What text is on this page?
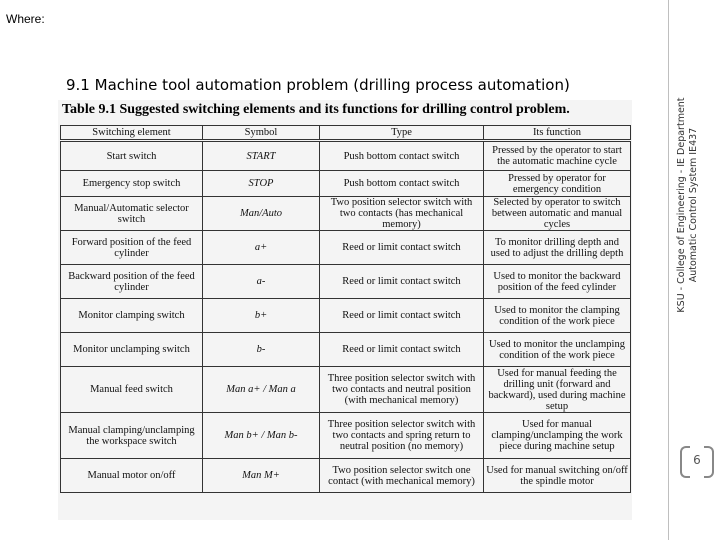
Where:
9.1 Machine tool automation problem (drilling process automation)
Table 9.1 Suggested switching elements and its functions for drilling control problem.
Switching element	Symbol	Type	Its function
Start switch	START	Push bottom contact switch	Pressed by the operator to start the automatic machine cycle
Emergency stop switch	STOP	Push bottom contact switch	Pressed by operator for emergency condition
Manual/Automatic selector switch	Man/Auto	Two position selector switch with two contacts (has mechanical memory)	Selected by operator to switch between automatic and manual cycles
Forward position of the feed cylinder	a+	Reed or limit contact switch	To monitor drilling depth and used to adjust the drilling depth
Backward position of the feed cylinder	a-	Reed or limit contact switch	Used to monitor the backward position of the feed cylinder
Monitor clamping switch	b+	Reed or limit contact switch	Used to monitor the clamping condition of the work piece
Monitor unclamping switch	b-	Reed or limit contact switch	Used to monitor the unclamping condition of the work piece
Manual feed switch	Man a+ / Man a	Three position selector switch with two contacts and neutral position (with mechanical memory)	Used for manual feeding the drilling unit (forward and backward), used during machine setup
Manual clamping/unclamping the workspace switch	Man b+ / Man b-	Three position selector switch with two contacts and spring return to neutral position (no memory)	Used for manual clamping/unclamping the work piece during machine setup
Manual motor on/off	Man M+	Two position selector switch one contact (with mechanical memory)	Used for manual switching on/off the spindle motor
KSU - College of Engineering - IE Department Automatic Control System IE437
6
